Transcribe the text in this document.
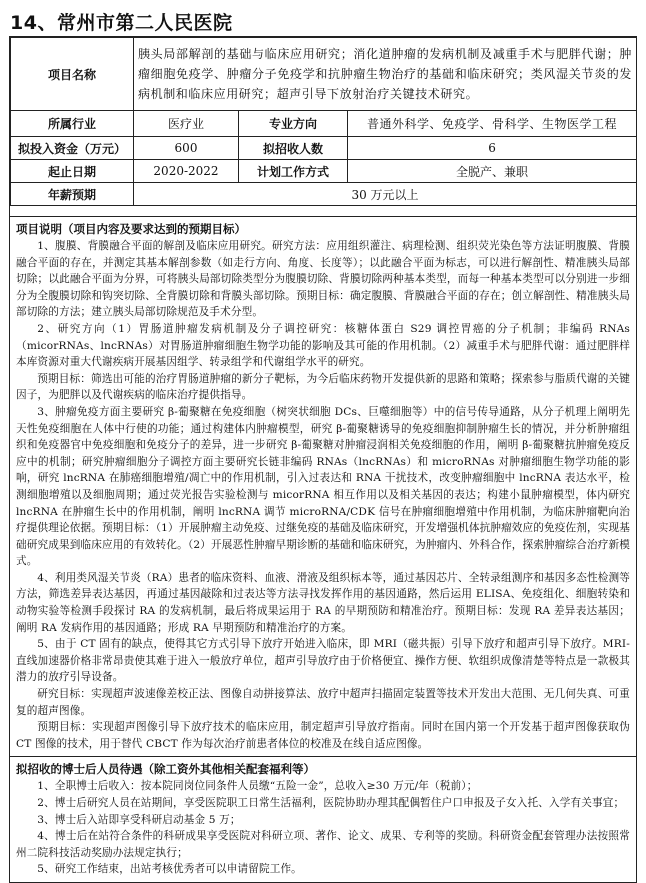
14、常州市第二人民医院
项目名称	胰头局部解剖的基础与临床应用研究；消化道肿瘤的发病机制及减重手术与肥胖代谢；肿瘤细胞免疫学、肿瘤分子免疫学和抗肿瘤生物治疗的基础和临床研究；类风湿关节炎的发病机制和临床应用研究；超声引导下放射治疗关键技术研究。		
所属行业	医疗业	专业方向	普通外科学、免疫学、骨科学、生物医学工程
拟投入资金（万元）	600	拟招收人数	6
起止日期	2020-2022	计划工作方式	全脱产、兼职
年薪预期	30 万元以上		
项目说明（项目内容及要求达到的预期目标）

1、腹膜、背膜融合平面的解剖及临床应用研究。研究方法：应用组织灌注、病理检测、组织荧光染色等方法证明腹膜、背膜融合平面的存在，并测定其基本解剖参数（如走行方向、角度、长度等）；以此融合平面为标志，可以进行解剖性、精准胰头局部切除；以此融合平面为分界，可将胰头局部切除类型分为腹膜切除、背膜切除两种基本类型，而每一种基本类型可以分别进一步细分为全腹膜切除和钩突切除、全背膜切除和背膜头部切除。预期目标：确定腹膜、背膜融合平面的存在；创立解剖性、精准胰头局部切除的方法；建立胰头局部切除规范及手术分型。

2、研究方向（1）胃肠道肿瘤发病机制及分子调控研究：核糖体蛋白 S29 调控胃癌的分子机制；非编码 RNAs（micorRNAs、lncRNAs）对胃肠道肿瘤细胞生物学功能的影响及其可能的作用机制。（2）减重手术与肥胖代谢：通过肥胖样本库资源对重大代谢疾病开展基因组学、转录组学和代谢组学水平的研究。

预期目标：筛选出可能的治疗胃肠道肿瘤的新分子靶标，为今后临床药物开发提供新的思路和策略；探索参与脂质代谢的关键因子，为肥胖以及代谢疾病的临床治疗提供指导。

3、肿瘤免疫方面主要研究 β-葡聚糖在免疫细胞（树突状细胞 DCs、巨噬细胞等）中的信号传导通路，从分子机理上阐明先天性免疫细胞在人体中行使的功能；通过构建体内肿瘤模型，研究 β-葡聚糖诱导的免疫细胞抑制肿瘤生长的情况，并分析肿瘤组织和免疫器官中免疫细胞和免疫分子的差异，进一步研究 β-葡聚糖对肿瘤浸润相关免疫细胞的作用，阐明 β-葡聚糖抗肿瘤免疫反应中的机制；研究肿瘤细胞分子调控方面主要研究长链非编码 RNAs（lncRNAs）和 microRNAs 对肿瘤细胞生物学功能的影响，研究 lncRNA 在肺癌细胞增殖/凋亡中的作用机制，引入过表达和 RNA 干扰技术，改变肿瘤细胞中 lncRNA 表达水平，检测细胞增殖以及细胞周期；通过荧光报告实验检测与 micorRNA 相互作用以及相关基因的表达；构建小鼠肿瘤模型，体内研究 lncRNA 在肿瘤生长中的作用机制，阐明 lncRNA 调节 microRNA/CDK 信号在肿瘤细胞增殖中作用机制，为临床肿瘤靶向治疗提供理论依据。预期目标：（1）开展肿瘤主动免疫、过继免疫的基础及临床研究，开发增强机体抗肿瘤效应的免疫佐剂，实现基础研究成果到临床应用的有效转化。（2）开展恶性肿瘤早期诊断的基础和临床研究，为肿瘤内、外科合作，探索肿瘤综合治疗新模式。

4、利用类风湿关节炎（RA）患者的临床资料、血液、滑液及组织标本等，通过基因芯片、全转录组测序和基因多态性检测等方法，筛选差异表达基因，再通过基因敲除和过表达等方法寻找发挥作用的基因通路，然后运用 ELISA、免疫组化、细胞转染和动物实验等检测手段探讨 RA 的发病机制，最后将成果运用于 RA 的早期预防和精准治疗。预期目标：发现 RA 差异表达基因；阐明 RA 发病作用的基因通路；形成 RA 早期预防和精准治疗的方案。

5、由于 CT 固有的缺点，使得其它方式引导下放疗开始进入临床，即 MRI（磁共振）引导下放疗和超声引导下放疗。MRI-直线加速器价格非常昂贵使其难于进入一般放疗单位，超声引导放疗由于价格便宜、操作方便、软组织成像清楚等特点是一款极其潜力的放疗引导设备。

研究目标：实现超声波速像差校正法、图像自动拼接算法、放疗中超声扫描固定装置等技术开发出大范围、无几何失真、可重复的超声图像。

预期目标：实现超声图像引导下放疗技术的临床应用，制定超声引导放疗指南。同时在国内第一个开发基于超声图像获取伪 CT 图像的技术，用于替代 CBCT 作为每次治疗前患者体位的校准及在线自适应图像。

拟招收的博士后人员待遇（除工资外其他相关配套福利等）

1、全职博士后收入：按本院同岗位同条件人员缴“五险一金”，总收入≥30 万元/年（税前）；

2、博士后研究人员在站期间，享受医院职工日常生活福利，医院协助办理其配偶暂住户口申报及子女入托、入学有关事宜；

3、博士后入站即享受科研启动基金 5 万；

4、博士后在站符合条件的科研成果享受医院对科研立项、著作、论文、成果、专利等的奖励。科研资金配套管理办法按照常州二院科技活动奖励办法规定执行；

5、研究工作结束，出站考核优秀者可以申请留院工作。
